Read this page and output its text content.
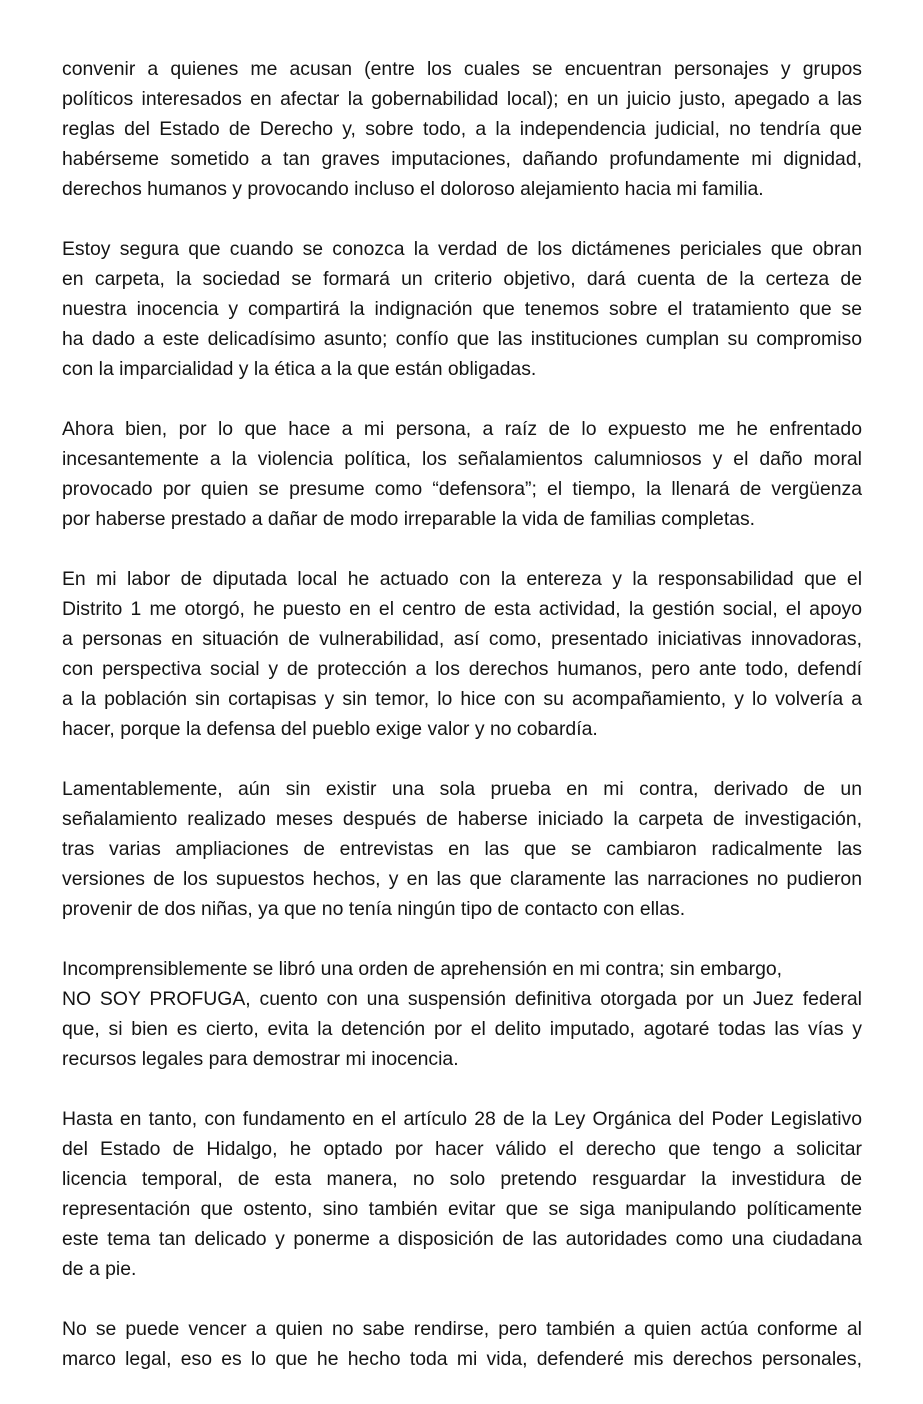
convenir a quienes me acusan (entre los cuales se encuentran personajes y grupos
políticos interesados en afectar la gobernabilidad local); en un juicio justo, apegado a las
reglas del Estado de Derecho y, sobre todo, a la independencia judicial, no tendría que
habérseme sometido a tan graves imputaciones, dañando profundamente mi dignidad,
derechos humanos y provocando incluso el doloroso alejamiento hacia mi familia.
Estoy segura que cuando se conozca la verdad de los dictámenes periciales que obran
en carpeta, la sociedad se formará un criterio objetivo, dará cuenta de la certeza de
nuestra inocencia y compartirá la indignación que tenemos sobre el tratamiento que se
ha dado a este delicadísimo asunto; confío que las instituciones cumplan su compromiso
con la imparcialidad y la ética a la que están obligadas.
Ahora bien, por lo que hace a mi persona, a raíz de lo expuesto me he enfrentado
incesantemente a la violencia política, los señalamientos calumniosos y el daño moral
provocado por quien se presume como “defensora”; el tiempo, la llenará de vergüenza
por haberse prestado a dañar de modo irreparable la vida de familias completas.
En mi labor de diputada local he actuado con la entereza y la responsabilidad que el
Distrito 1 me otorgó, he puesto en el centro de esta actividad, la gestión social, el apoyo
a personas en situación de vulnerabilidad, así como, presentado iniciativas innovadoras,
con perspectiva social y de protección a los derechos humanos, pero ante todo, defendí
a la población sin cortapisas y sin temor, lo hice con su acompañamiento, y lo volvería a
hacer, porque la defensa del pueblo exige valor y no cobardía.
Lamentablemente, aún sin existir una sola prueba en mi contra, derivado de un
señalamiento realizado meses después de haberse iniciado la carpeta de investigación,
tras varias ampliaciones de entrevistas en las que se cambiaron radicalmente las
versiones de los supuestos hechos, y en las que claramente las narraciones no pudieron
provenir de dos niñas, ya que no tenía ningún tipo de contacto con ellas.
Incomprensiblemente se libró una orden de aprehensión en mi contra; sin embargo,
NO SOY PROFUGA, cuento con una suspensión definitiva otorgada por un Juez federal
que, si bien es cierto, evita la detención por el delito imputado, agotaré todas las vías y
recursos legales para demostrar mi inocencia.
Hasta en tanto, con fundamento en el artículo 28 de la Ley Orgánica del Poder Legislativo
del Estado de Hidalgo, he optado por hacer válido el derecho que tengo a solicitar
licencia temporal, de esta manera, no solo pretendo resguardar la investidura de
representación que ostento, sino también evitar que se siga manipulando políticamente
este tema tan delicado y ponerme a disposición de las autoridades como una ciudadana
de a pie.
No se puede vencer a quien no sabe rendirse, pero también a quien actúa conforme al
marco legal, eso es lo que he hecho toda mi vida, defenderé mis derechos personales,
